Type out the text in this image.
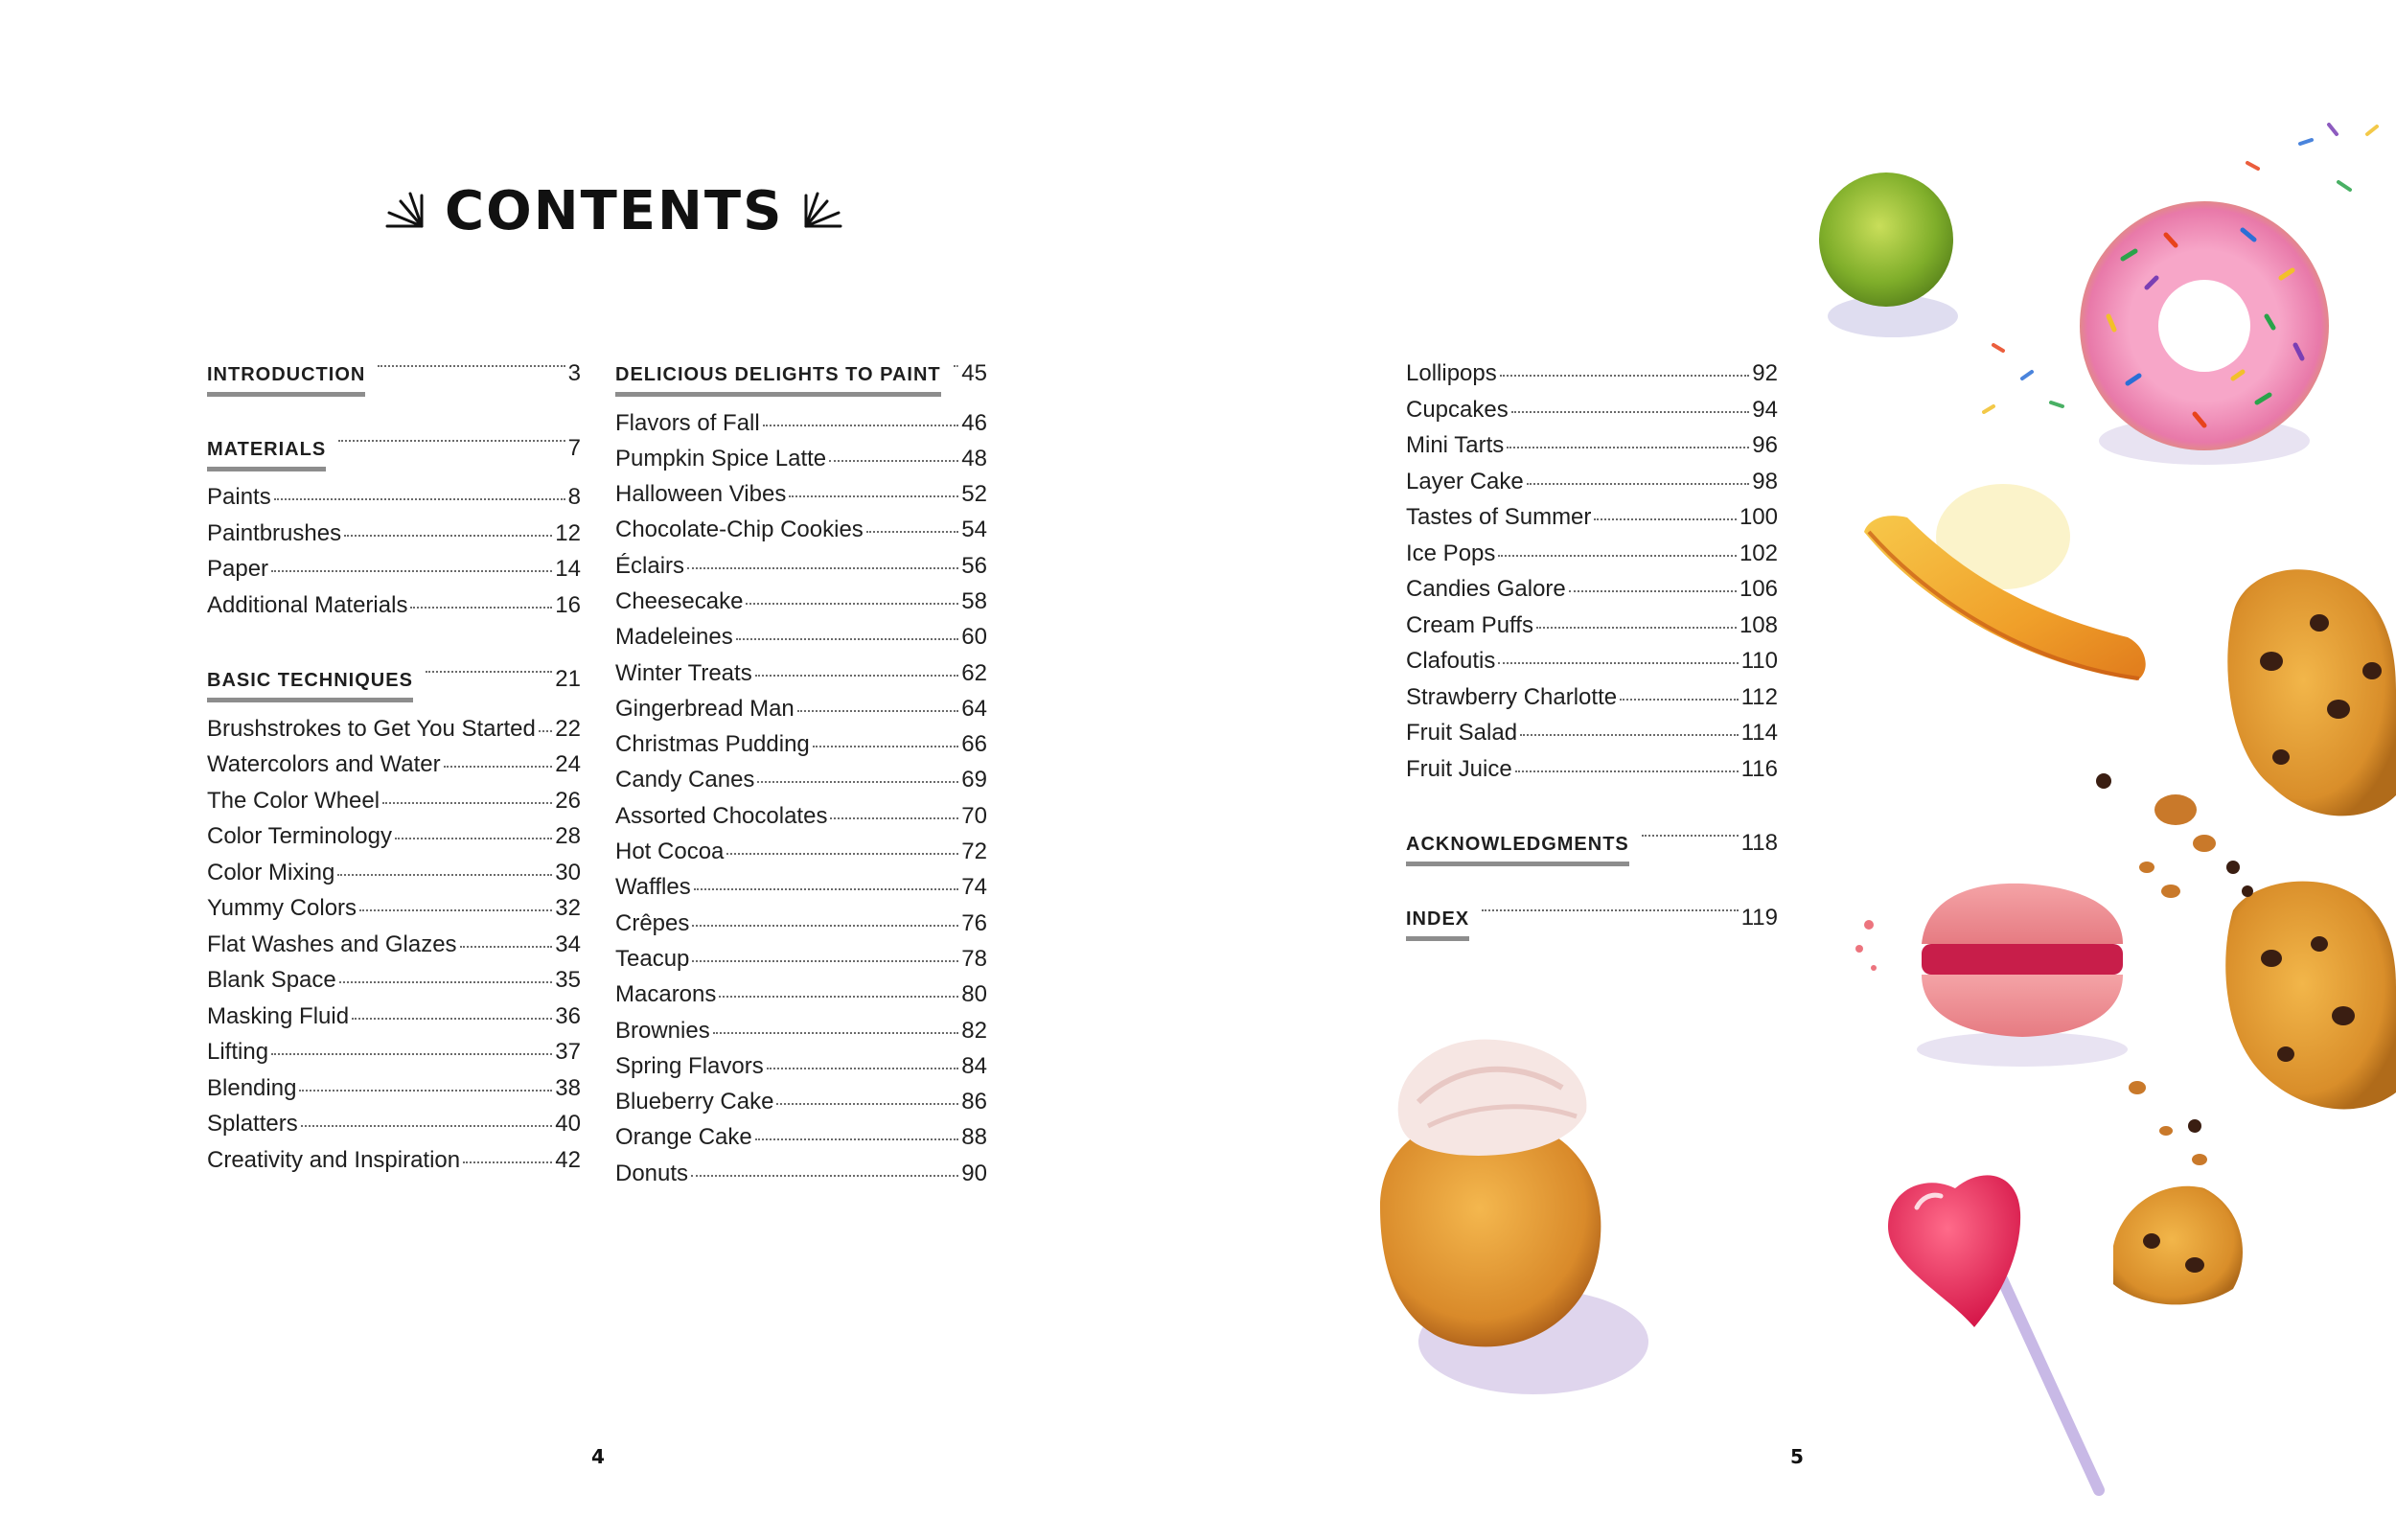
CONTENTS
INTRODUCTION	3
MATERIALS	7
Paints	8
Paintbrushes	12
Paper	14
Additional Materials	16
BASIC TECHNIQUES	21
Brushstrokes to Get You Started 22
Watercolors and Water	24
The Color Wheel	26
Color Terminology	28
Color Mixing	30
Yummy Colors	32
Flat Washes and Glazes	34
Blank Space	35
Masking Fluid	36
Lifting	37
Blending	38
Splatters	40
Creativity and Inspiration	42
DELICIOUS DELIGHTS TO PAINT 45
Flavors of Fall	46
Pumpkin Spice Latte	48
Halloween Vibes	52
Chocolate-Chip Cookies	54
Éclairs	56
Cheesecake	58
Madeleines	60
Winter Treats	62
Gingerbread Man	64
Christmas Pudding	66
Candy Canes	69
Assorted Chocolates	70
Hot Cocoa	72
Waffles	74
Crêpes	76
Teacup	78
Macarons	80
Brownies	82
Spring Flavors	84
Blueberry Cake	86
Orange Cake	88
Donuts	90
Lollipops	92
Cupcakes	94
Mini Tarts	96
Layer Cake	98
Tastes of Summer	100
Ice Pops	102
Candies Galore	106
Cream Puffs	108
Clafoutis	110
Strawberry Charlotte	112
Fruit Salad	114
Fruit Juice	116
ACKNOWLEDGMENTS	118
INDEX	119
4	5
